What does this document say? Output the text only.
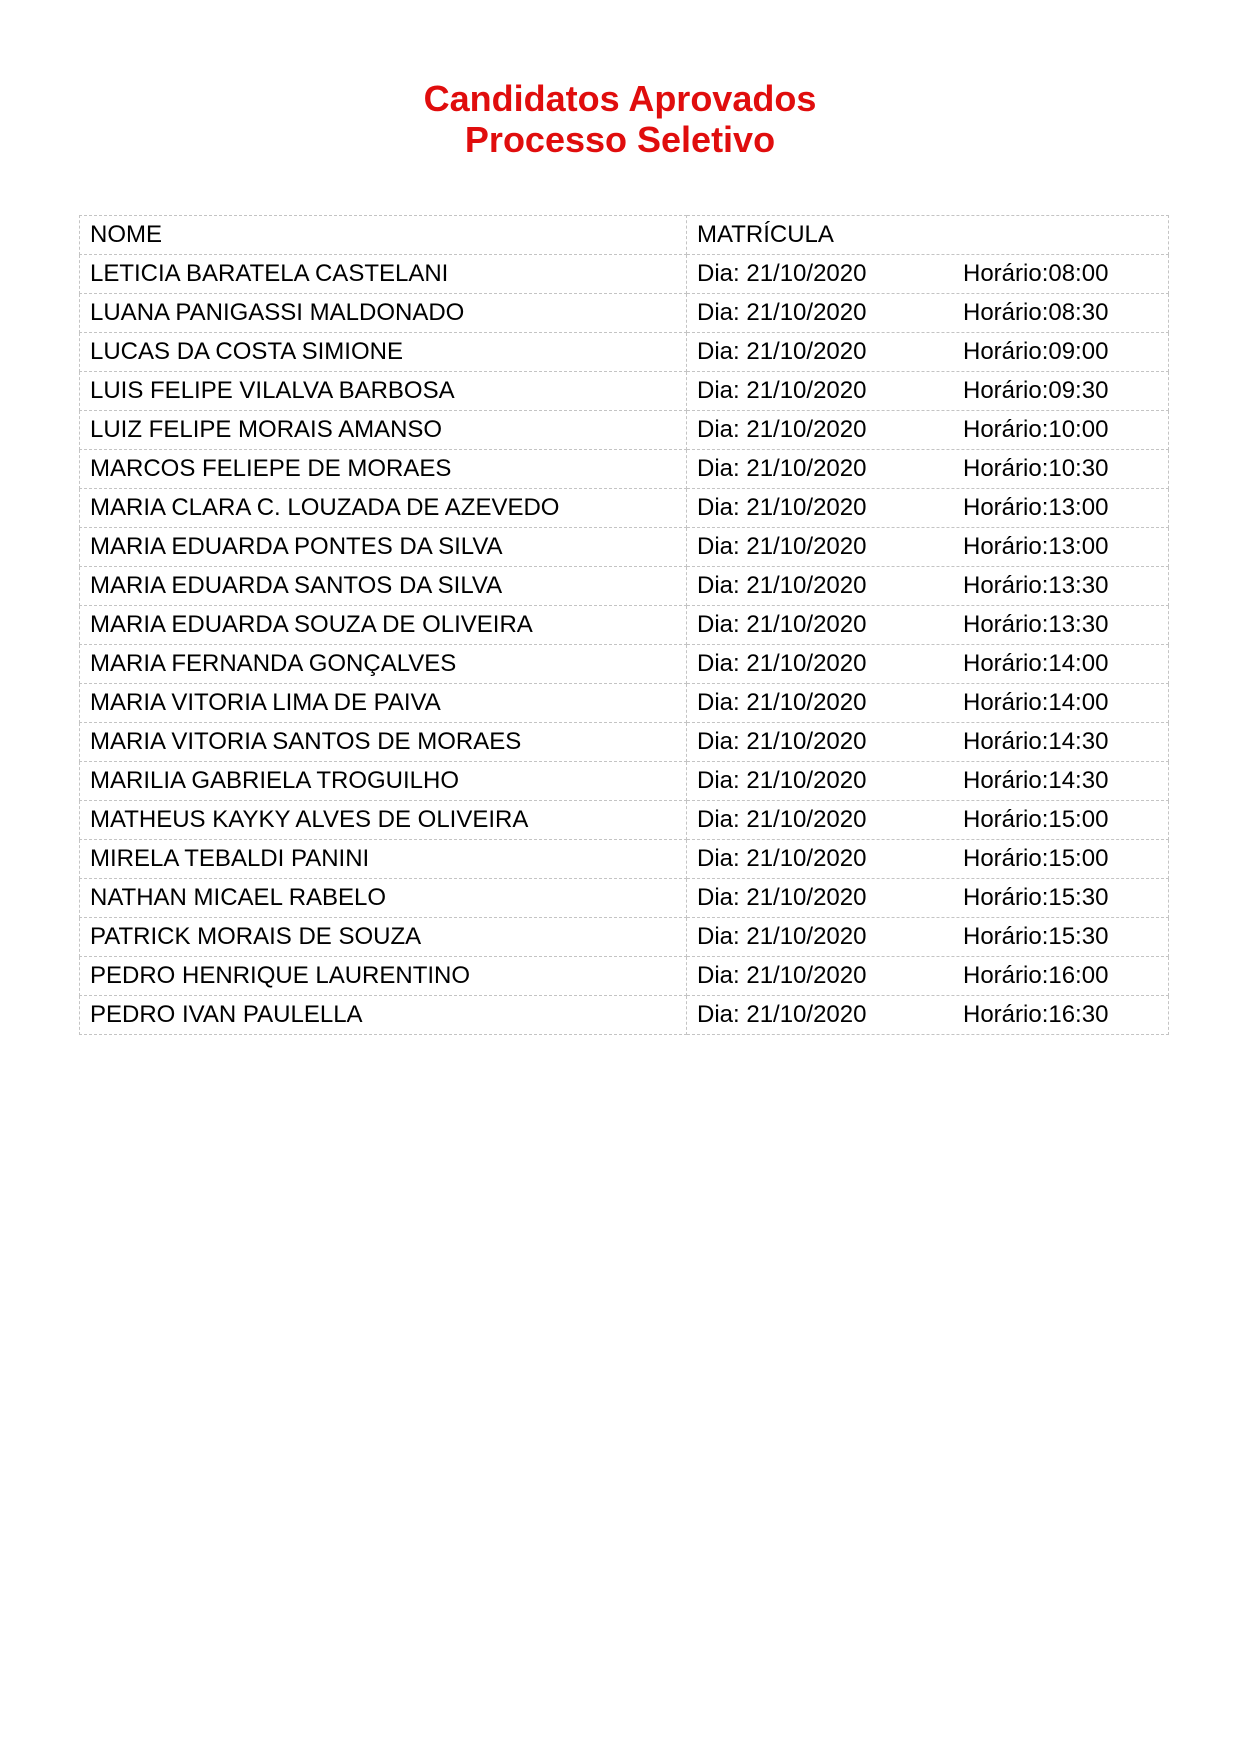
Candidatos Aprovados
Processo Seletivo
NOME	MATRÍCULA
LETICIA BARATELA CASTELANI	Dia: 21/10/2020 Horário:08:00
LUANA PANIGASSI MALDONADO	Dia: 21/10/2020 Horário:08:30
LUCAS DA COSTA SIMIONE	Dia: 21/10/2020 Horário:09:00
LUIS FELIPE VILALVA BARBOSA	Dia: 21/10/2020 Horário:09:30
LUIZ FELIPE MORAIS AMANSO	Dia: 21/10/2020 Horário:10:00
MARCOS FELIEPE DE MORAES	Dia: 21/10/2020 Horário:10:30
MARIA CLARA C. LOUZADA DE AZEVEDO	Dia: 21/10/2020 Horário:13:00
MARIA EDUARDA PONTES DA SILVA	Dia: 21/10/2020 Horário:13:00
MARIA EDUARDA SANTOS DA SILVA	Dia: 21/10/2020 Horário:13:30
MARIA EDUARDA SOUZA DE OLIVEIRA	Dia: 21/10/2020 Horário:13:30
MARIA FERNANDA GONÇALVES	Dia: 21/10/2020 Horário:14:00
MARIA VITORIA LIMA DE PAIVA	Dia: 21/10/2020 Horário:14:00
MARIA VITORIA SANTOS DE MORAES	Dia: 21/10/2020 Horário:14:30
MARILIA GABRIELA TROGUILHO	Dia: 21/10/2020 Horário:14:30
MATHEUS KAYKY ALVES DE OLIVEIRA	Dia: 21/10/2020 Horário:15:00
MIRELA TEBALDI PANINI	Dia: 21/10/2020 Horário:15:00
NATHAN MICAEL RABELO	Dia: 21/10/2020 Horário:15:30
PATRICK MORAIS DE SOUZA	Dia: 21/10/2020 Horário:15:30
PEDRO HENRIQUE LAURENTINO	Dia: 21/10/2020 Horário:16:00
PEDRO IVAN PAULELLA	Dia: 21/10/2020 Horário:16:30
